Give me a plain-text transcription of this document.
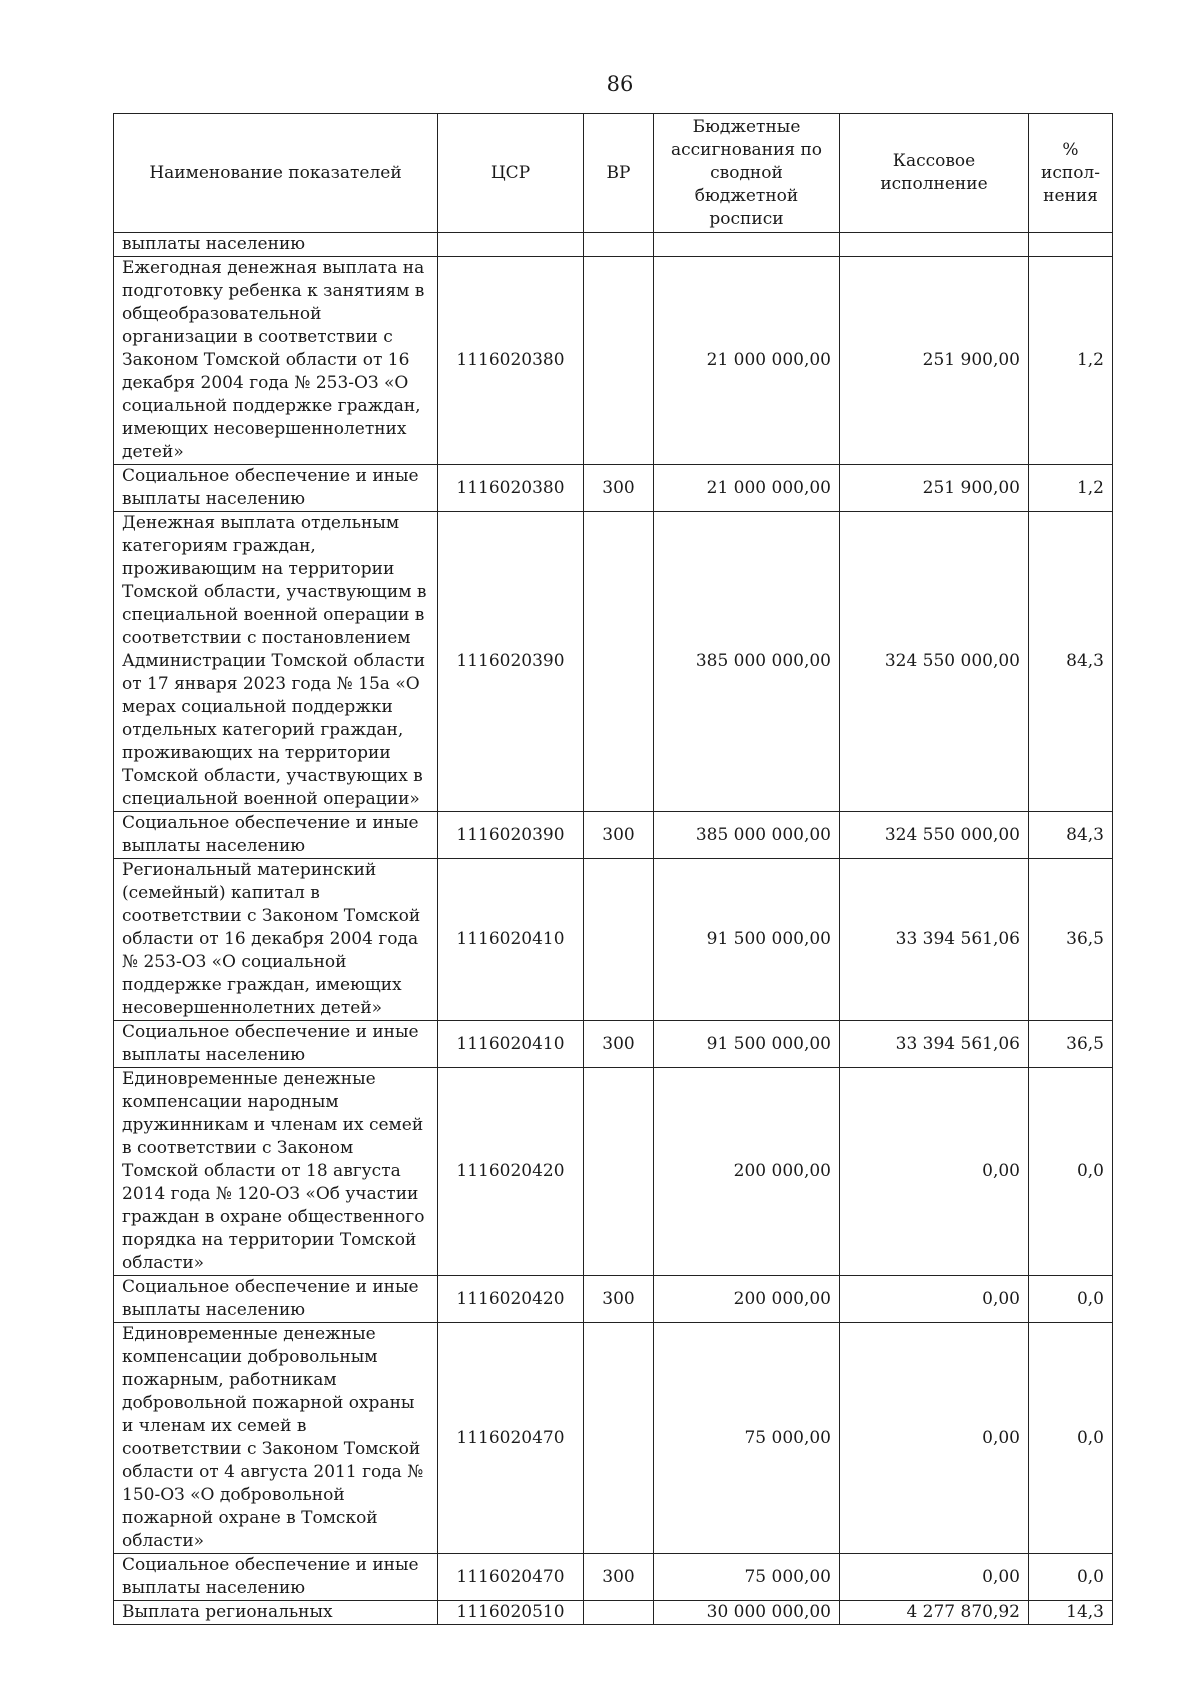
86
Наименование показателей	ЦСР	ВР	Бюджетные ассигнования по сводной бюджетной росписи	Кассовое исполнение	% испол-нения
выплаты населению					
Ежегодная денежная выплата на подготовку ребенка к занятиям в общеобразовательной организации в соответствии с Законом Томской области от 16 декабря 2004 года № 253-ОЗ «О социальной поддержке граждан, имеющих несовершеннолетних детей»	1116020380		21 000 000,00	251 900,00	1,2
Социальное обеспечение и иные выплаты населению	1116020380	300	21 000 000,00	251 900,00	1,2
Денежная выплата отдельным категориям граждан, проживающим на территории Томской области, участвующим в специальной военной операции в соответствии с постановлением Администрации Томской области от 17 января 2023 года № 15а «О мерах социальной поддержки отдельных категорий граждан, проживающих на территории Томской области, участвующих в специальной военной операции»	1116020390		385 000 000,00	324 550 000,00	84,3
Социальное обеспечение и иные выплаты населению	1116020390	300	385 000 000,00	324 550 000,00	84,3
Региональный материнский (семейный) капитал в соответствии с Законом Томской области от 16 декабря 2004 года № 253-ОЗ «О социальной поддержке граждан, имеющих несовершеннолетних детей»	1116020410		91 500 000,00	33 394 561,06	36,5
Социальное обеспечение и иные выплаты населению	1116020410	300	91 500 000,00	33 394 561,06	36,5
Единовременные денежные компенсации народным дружинникам и членам их семей в соответствии с Законом Томской области от 18 августа 2014 года № 120-ОЗ «Об участии граждан в охране общественного порядка на территории Томской области»	1116020420		200 000,00	0,00	0,0
Социальное обеспечение и иные выплаты населению	1116020420	300	200 000,00	0,00	0,0
Единовременные денежные компенсации добровольным пожарным, работникам добровольной пожарной охраны и членам их семей в соответствии с Законом Томской области от 4 августа 2011 года № 150-ОЗ «О добровольной пожарной охране в Томской области»	1116020470		75 000,00	0,00	0,0
Социальное обеспечение и иные выплаты населению	1116020470	300	75 000,00	0,00	0,0
Выплата региональных	1116020510		30 000 000,00	4 277 870,92	14,3
